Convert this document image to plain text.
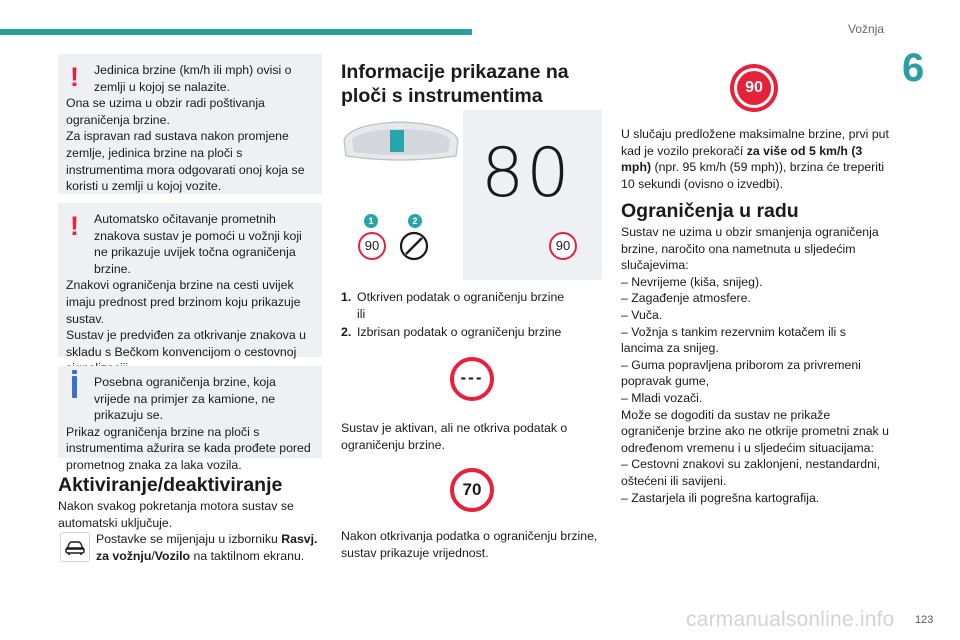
Vožnja
6
carmanualsonline.info 123
!	Jedinica brzine (km/h ili mph) ovisi o zemlji u kojoj se nalazite.

Ona se uzima u obzir radi poštivanja ograničenja brzine.

Za ispravan rad sustava nakon promjene zemlje, jedinica brzine na ploči s instrumentima mora odgovarati onoj koja se koristi u zemlji u kojoj vozite.

!	Automatsko očitavanje prometnih znakova sustav je pomoći u vožnji koji ne prikazuje uvijek točna ograničenja brzine.

Znakovi ograničenja brzine na cesti uvijek imaju prednost pred brzinom koju prikazuje sustav.

Sustav je predviđen za otkrivanje znakova u skladu s Bečkom konvencijom o cestovnoj

Posebna ograničenja brzine, koja vrijede na primjer za kamione, ne prikazuju se.

Prikaz ograničenja brzine na ploči s instrumentima ažurira se kada prođete pored prometnog znaka za laka vozila.

Aktiviranje/deaktiviranje
Nakon svakog pokretanja motora sustav se automatski uključuje.
Postavke se mijenjaju u izborniku Rasvj. za vožnju/Vozilo na taktilnom ekranu.
Informacije prikazane na
ploči s instrumentima
1	2
90
80
90
1. Otkriven podatak o ograničenju brzine
ili
2. Izbrisan podatak o ograničenju brzine
---
Sustav je aktivan, ali ne otkriva podatak o ograničenju brzine.
70
Nakon otkrivanja podatka o ograničenju brzine, sustav prikazuje vrijednost.
90
U slučaju predložene maksimalne brzine, prvi put kad je vozilo prekoračí za više od 5 km/h (3 mph) (npr. 95 km/h (59 mph)), brzina će treperiti 10 sekundi (ovisno o izvedbi).
Ograničenja u radu
Sustav ne uzima u obzir smanjenja ograničenja brzine, naročito ona nametnuta u sljedećim slučajevima:
– Nevrijeme (kiša, snijeg).
– Zagađenje atmosfere.
– Vuča.
– Vožnja s tankim rezervnim kotačem ili s lancima za snijeg.
– Guma popravljena priborom za privremeni popravak gume,
– Mladi vozači.
Može se dogoditi da sustav ne prikaže ograničenje brzine ako ne otkrije prometni znak u određenom vremenu i u sljedećim situacijama:
– Cestovni znakovi su zaklonjeni, nestandardni, oštećeni ili savijeni.
– Zastarjela ili pogrešna kartografija.
